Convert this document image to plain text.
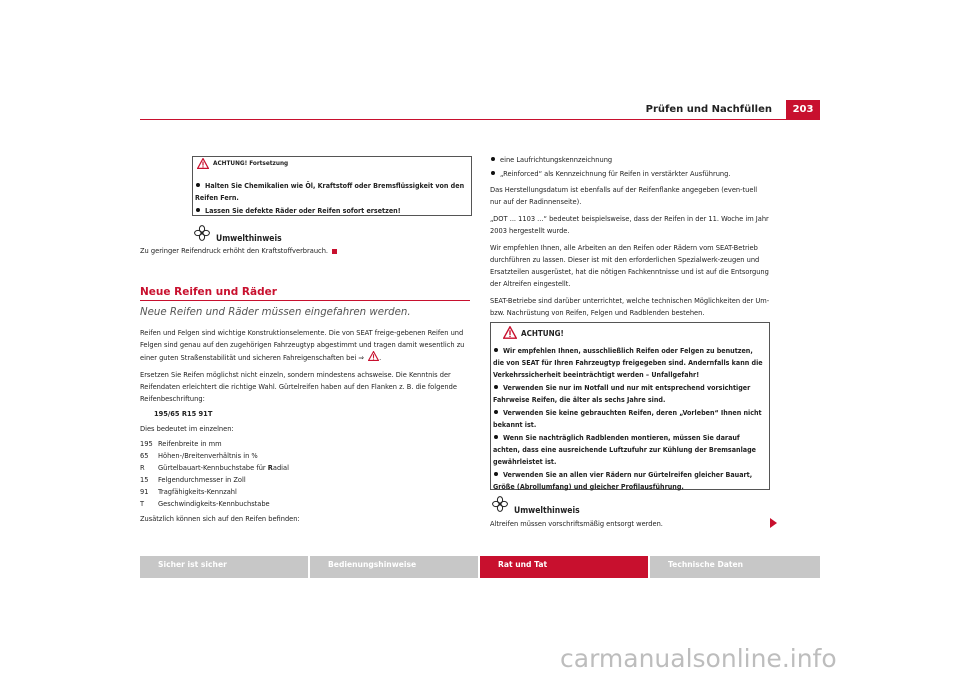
Prüfen und Nachfüllen	203
ACHTUNG! Fortsetzung
Halten Sie Chemikalien wie Öl, Kraftstoff oder Bremsflüssigkeit von den Reifen Fern.
Lassen Sie defekte Räder oder Reifen sofort ersetzen!
Umwelthinweis
Zu geringer Reifendruck erhöht den Kraftstoffverbrauch.
Neue Reifen und Räder
Neue Reifen und Räder müssen eingefahren werden.

Reifen und Felgen sind wichtige Konstruktionselemente. Die von SEAT freige-gebenen Reifen und Felgen sind genau auf den zugehörigen Fahrzeugtyp abgestimmt und tragen damit wesentlich zu einer guten Straßenstabilität und sicheren Fahreigenschaften bei ⇒ .

Ersetzen Sie Reifen möglichst nicht einzeln, sondern mindestens achsweise. Die Kenntnis der Reifendaten erleichtert die richtige Wahl. Gürtelreifen haben auf den Flanken z. B. die folgende Reifenbeschriftung:

195/65 R15 91T

Dies bedeutet im einzelnen:

195 Reifenbreite in mm
65	Höhen-/Breitenverhältnis in %
R	Gürtelbauart-Kennbuchstabe für Radial
15	Felgendurchmesser in Zoll
91	Tragfähigkeits-Kennzahl
T	Geschwindigkeits-Kennbuchstabe

Zusätzlich können sich auf den Reifen befinden:

eine Laufrichtungskennzeichnung
„Reinforced“ als Kennzeichnung für Reifen in verstärkter Ausführung.

Das Herstellungsdatum ist ebenfalls auf der Reifenflanke angegeben (even-tuell nur auf der Radinnenseite).

„DOT ... 1103 ...“ bedeutet beispielsweise, dass der Reifen in der 11. Woche im Jahr 2003 hergestellt wurde.

Wir empfehlen Ihnen, alle Arbeiten an den Reifen oder Rädern vom SEAT-Betrieb durchführen zu lassen. Dieser ist mit den erforderlichen Spezialwerk-zeugen und Ersatzteilen ausgerüstet, hat die nötigen Fachkenntnisse und ist auf die Entsorgung der Altreifen eingestellt.

SEAT-Betriebe sind darüber unterrichtet, welche technischen Möglichkeiten der Um- bzw. Nachrüstung von Reifen, Felgen und Radblenden bestehen.

ACHTUNG!
Wir empfehlen Ihnen, ausschließlich Reifen oder Felgen zu benutzen, die von SEAT für Ihren Fahrzeugtyp freigegeben sind. Andernfalls kann die Verkehrssicherheit beeinträchtigt werden – Unfallgefahr!
Verwenden Sie nur im Notfall und nur mit entsprechend vorsichtiger Fahrweise Reifen, die älter als sechs Jahre sind.
Verwenden Sie keine gebrauchten Reifen, deren „Vorleben“ Ihnen nicht bekannt ist.
Wenn Sie nachträglich Radblenden montieren, müssen Sie darauf achten, dass eine ausreichende Luftzufuhr zur Kühlung der Bremsanlage gewährleistet ist.
Verwenden Sie an allen vier Rädern nur Gürtelreifen gleicher Bauart, Größe (Abrollumfang) und gleicher Profilausführung.
Umwelthinweis
Altreifen müssen vorschriftsmäßig entsorgt werden.
Sicher ist sicher	Bedienungshinweise	Rat und Tat	Technische Daten
carmanualsonline.info
